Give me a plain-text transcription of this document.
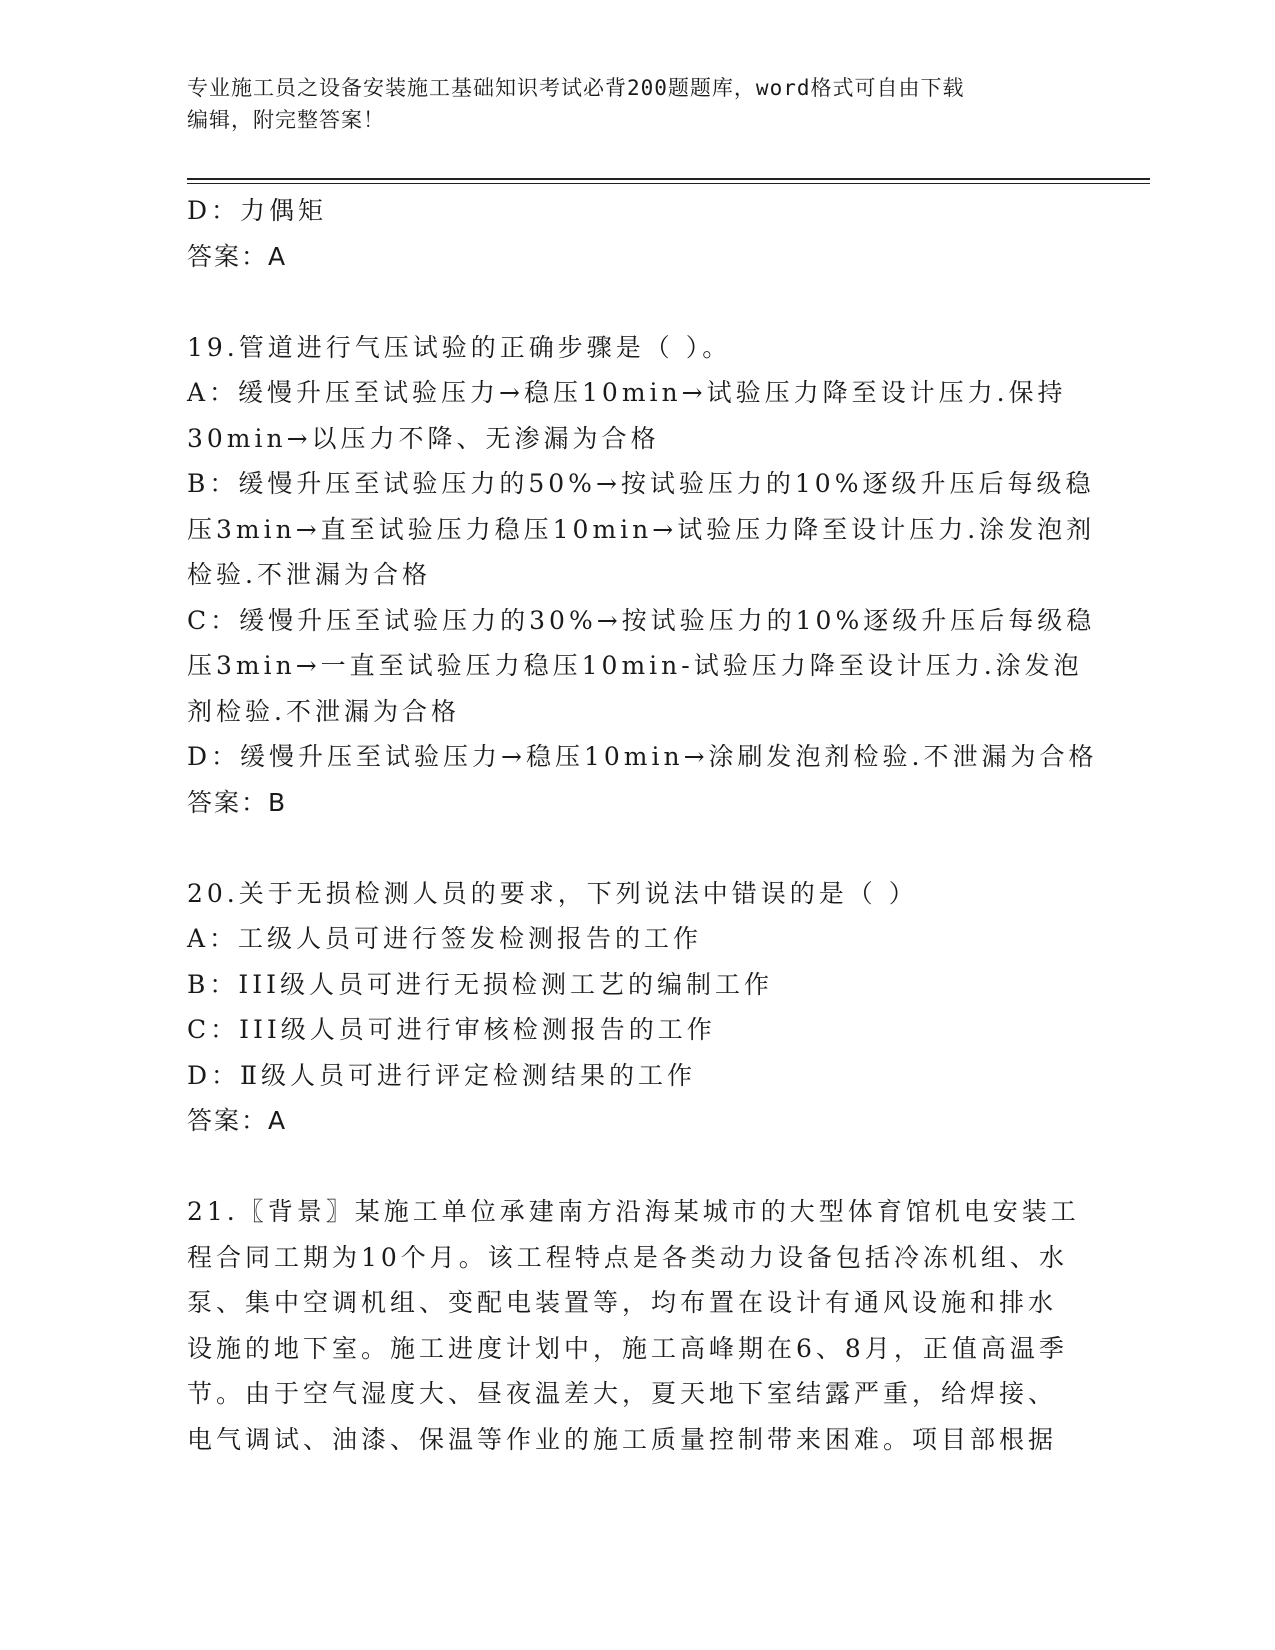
专业施工员之设备安装施工基础知识考试必背200题题库，word格式可自由下载
编辑，附完整答案！
D：力偶矩
答案：A
19.管道进行气压试验的正确步骤是（ ）。
A：缓慢升压至试验压力→稳压10min→试验压力降至设计压力.保持
30min→以压力不降、无渗漏为合格
B：缓慢升压至试验压力的50%→按试验压力的10%逐级升压后每级稳
压3min→直至试验压力稳压10min→试验压力降至设计压力.涂发泡剂
检验.不泄漏为合格
C：缓慢升压至试验压力的30%→按试验压力的10%逐级升压后每级稳
压3min→一直至试验压力稳压10min-试验压力降至设计压力.涂发泡
剂检验.不泄漏为合格
D：缓慢升压至试验压力→稳压10min→涂刷发泡剂检验.不泄漏为合格
答案：B
20.关于无损检测人员的要求，下列说法中错误的是（ ）
A：工级人员可进行签发检测报告的工作
B：III级人员可进行无损检测工艺的编制工作
C：III级人员可进行审核检测报告的工作
D：Ⅱ级人员可进行评定检测结果的工作
答案：A
21.〖背景〗某施工单位承建南方沿海某城市的大型体育馆机电安装工
程合同工期为10个月。该工程特点是各类动力设备包括冷冻机组、水
泵、集中空调机组、变配电装置等，均布置在设计有通风设施和排水
设施的地下室。施工进度计划中，施工高峰期在6、8月，正值高温季
节。由于空气湿度大、昼夜温差大，夏天地下室结露严重，给焊接、
电气调试、油漆、保温等作业的施工质量控制带来困难。项目部根据
